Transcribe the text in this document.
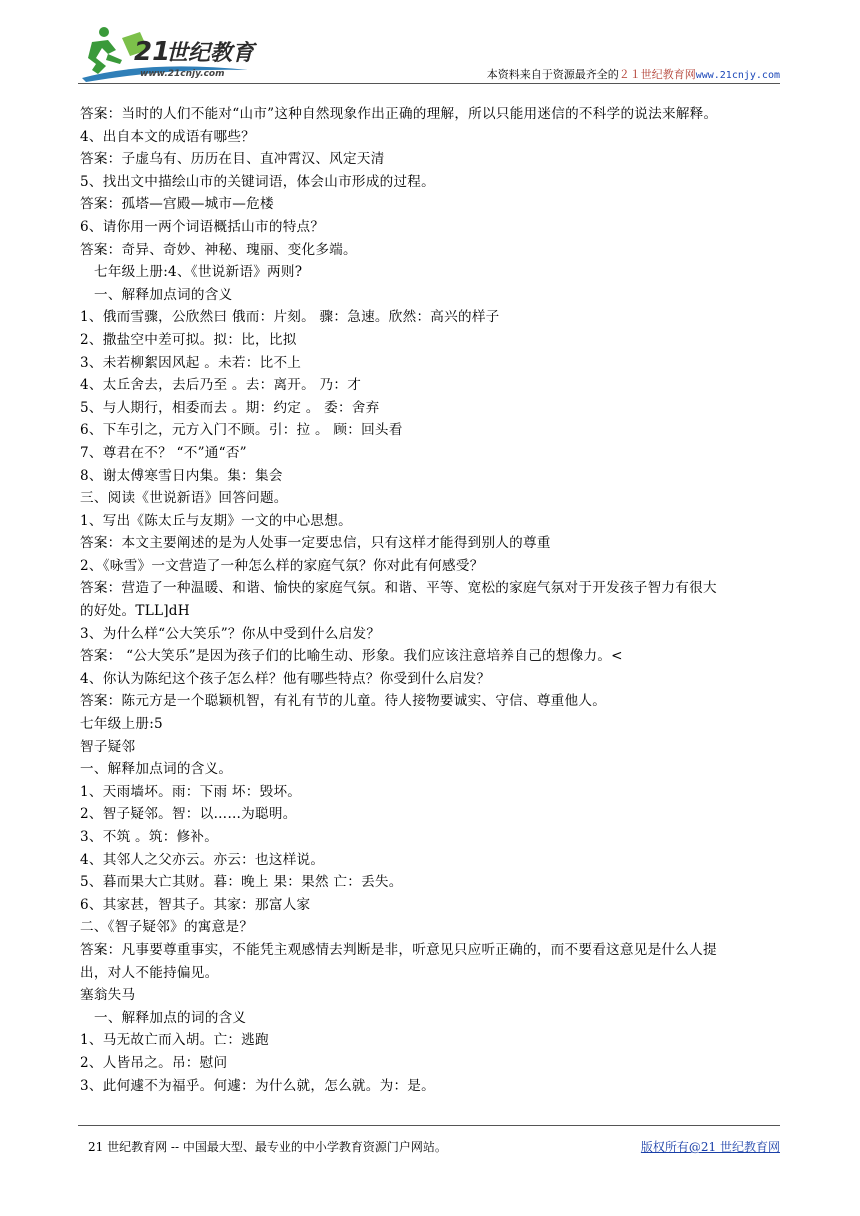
21
世纪教育
www.21cnjy.com	本资料来自于资源最齐全的２１世纪教育网www.21cnjy.com
答案：当时的人们不能对“山市”这种自然现象作出正确的理解，所以只能用迷信的不科学的说法来解释。
4、出自本文的成语有哪些？
答案：子虚乌有、历历在目、直冲霄汉、风定天清
5、找出文中描绘山市的关键词语，体会山市形成的过程。
答案：孤塔—宫殿—城市—危楼
6、请你用一两个词语概括山市的特点？
答案：奇异、奇妙、神秘、瑰丽、变化多端。
七年级上册:4、《世说新语》两则?
一、解释加点词的含义
1、俄而雪骤，公欣然曰 俄而：片刻。 骤：急速。欣然：高兴的样子
2、撒盐空中差可拟。拟：比，比拟
3、未若柳絮因风起 。未若：比不上
4、太丘舍去，去后乃至 。去：离开。 乃：才
5、与人期行，相委而去 。期：约定 。 委：舍弃
6、下车引之，元方入门不顾。引：拉 。 顾：回头看
7、尊君在不？ “不”通“否”
8、谢太傅寒雪日内集。集：集会
三、阅读《世说新语》回答问题。
1、写出《陈太丘与友期》一文的中心思想。
答案：本文主要阐述的是为人处事一定要忠信，只有这样才能得到别人的尊重
2、《咏雪》一文营造了一种怎么样的家庭气氛？你对此有何感受？
答案：营造了一种温暖、和谐、愉快的家庭气氛。和谐、平等、宽松的家庭气氛对于开发孩子智力有很大
的好处。TLL]dH
3、为什么样“公大笑乐”？你从中受到什么启发？
答案： “公大笑乐”是因为孩子们的比喻生动、形象。我们应该注意培养自己的想像力。<
4、你认为陈纪这个孩子怎么样？他有哪些特点？你受到什么启发？
答案：陈元方是一个聪颖机智，有礼有节的儿童。待人接物要诚实、守信、尊重他人。
七年级上册:5
智子疑邻
一、解释加点词的含义。
1、天雨墙坏。雨：下雨 坏：毁坏。
2、智子疑邻。智：以……为聪明。
3、不筑 。筑：修补。
4、其邻人之父亦云。亦云：也这样说。
5、暮而果大亡其财。暮：晚上 果：果然 亡：丢失。
6、其家甚，智其子。其家：那富人家
二、《智子疑邻》的寓意是？
答案：凡事要尊重事实，不能凭主观感情去判断是非，听意见只应听正确的，而不要看这意见是什么人提
出，对人不能持偏见。
塞翁失马
一、解释加点的词的含义
1、马无故亡而入胡。亡：逃跑
2、人皆吊之。吊：慰问
3、此何遽不为福乎。何遽：为什么就，怎么就。为：是。
21 世纪教育网 -- 中国最大型、最专业的中小学教育资源门户网站。	版权所有@21 世纪教育网
